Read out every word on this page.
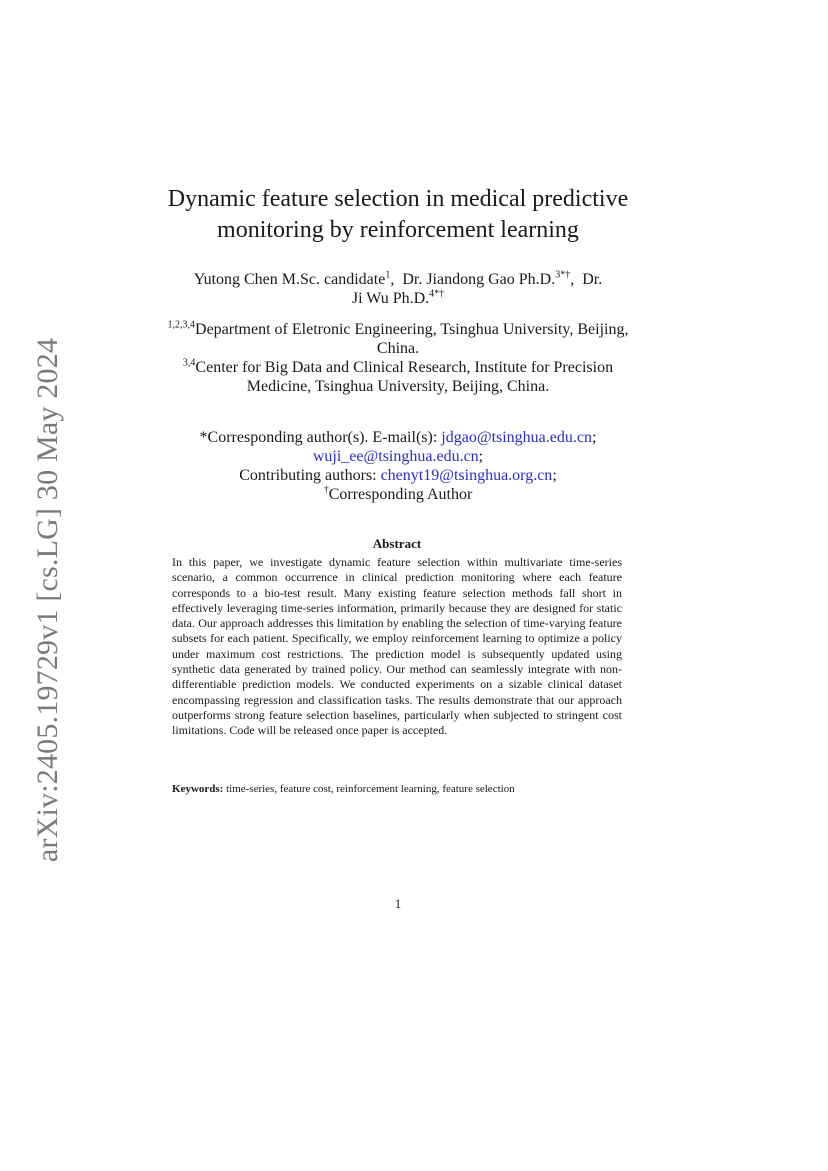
arXiv:2405.19729v1 [cs.LG] 30 May 2024
Dynamic feature selection in medical predictive
monitoring by reinforcement learning
Yutong Chen M.Sc. candidate$^1$,  Dr. Jiandong Gao Ph.D.$^{3*\dagger}$,  Dr.
Ji Wu Ph.D.$^{4*\dagger}$
$^{1,2,3,4}$Department of Eletronic Engineering, Tsinghua University, Beijing, China.
$^{3,4}$Center for Big Data and Clinical Research, Institute for Precision Medicine, Tsinghua University, Beijing, China.
*Corresponding author(s). E-mail(s): jdgao@tsinghua.edu.cn;
wuji_ee@tsinghua.edu.cn;
Contributing authors: chenyt19@tsinghua.org.cn;
†Corresponding Author
Abstract
In this paper, we investigate dynamic feature selection within multivariate time-series scenario, a common occurrence in clinical prediction monitoring where each feature corresponds to a bio-test result. Many existing feature selection methods fall short in effectively leveraging time-series information, primarily because they are designed for static data. Our approach addresses this limitation by enabling the selection of time-varying feature subsets for each patient. Specifically, we employ reinforcement learning to optimize a policy under maximum cost restrictions. The prediction model is subsequently updated using synthetic data generated by trained policy. Our method can seamlessly integrate with non-differentiable prediction models. We conducted experiments on a sizable clinical dataset encompassing regression and classification tasks. The results demonstrate that our approach outperforms strong feature selection baselines, particularly when subjected to stringent cost limitations. Code will be released once paper is accepted.
Keywords: time-series, feature cost, reinforcement learning, feature selection
1
